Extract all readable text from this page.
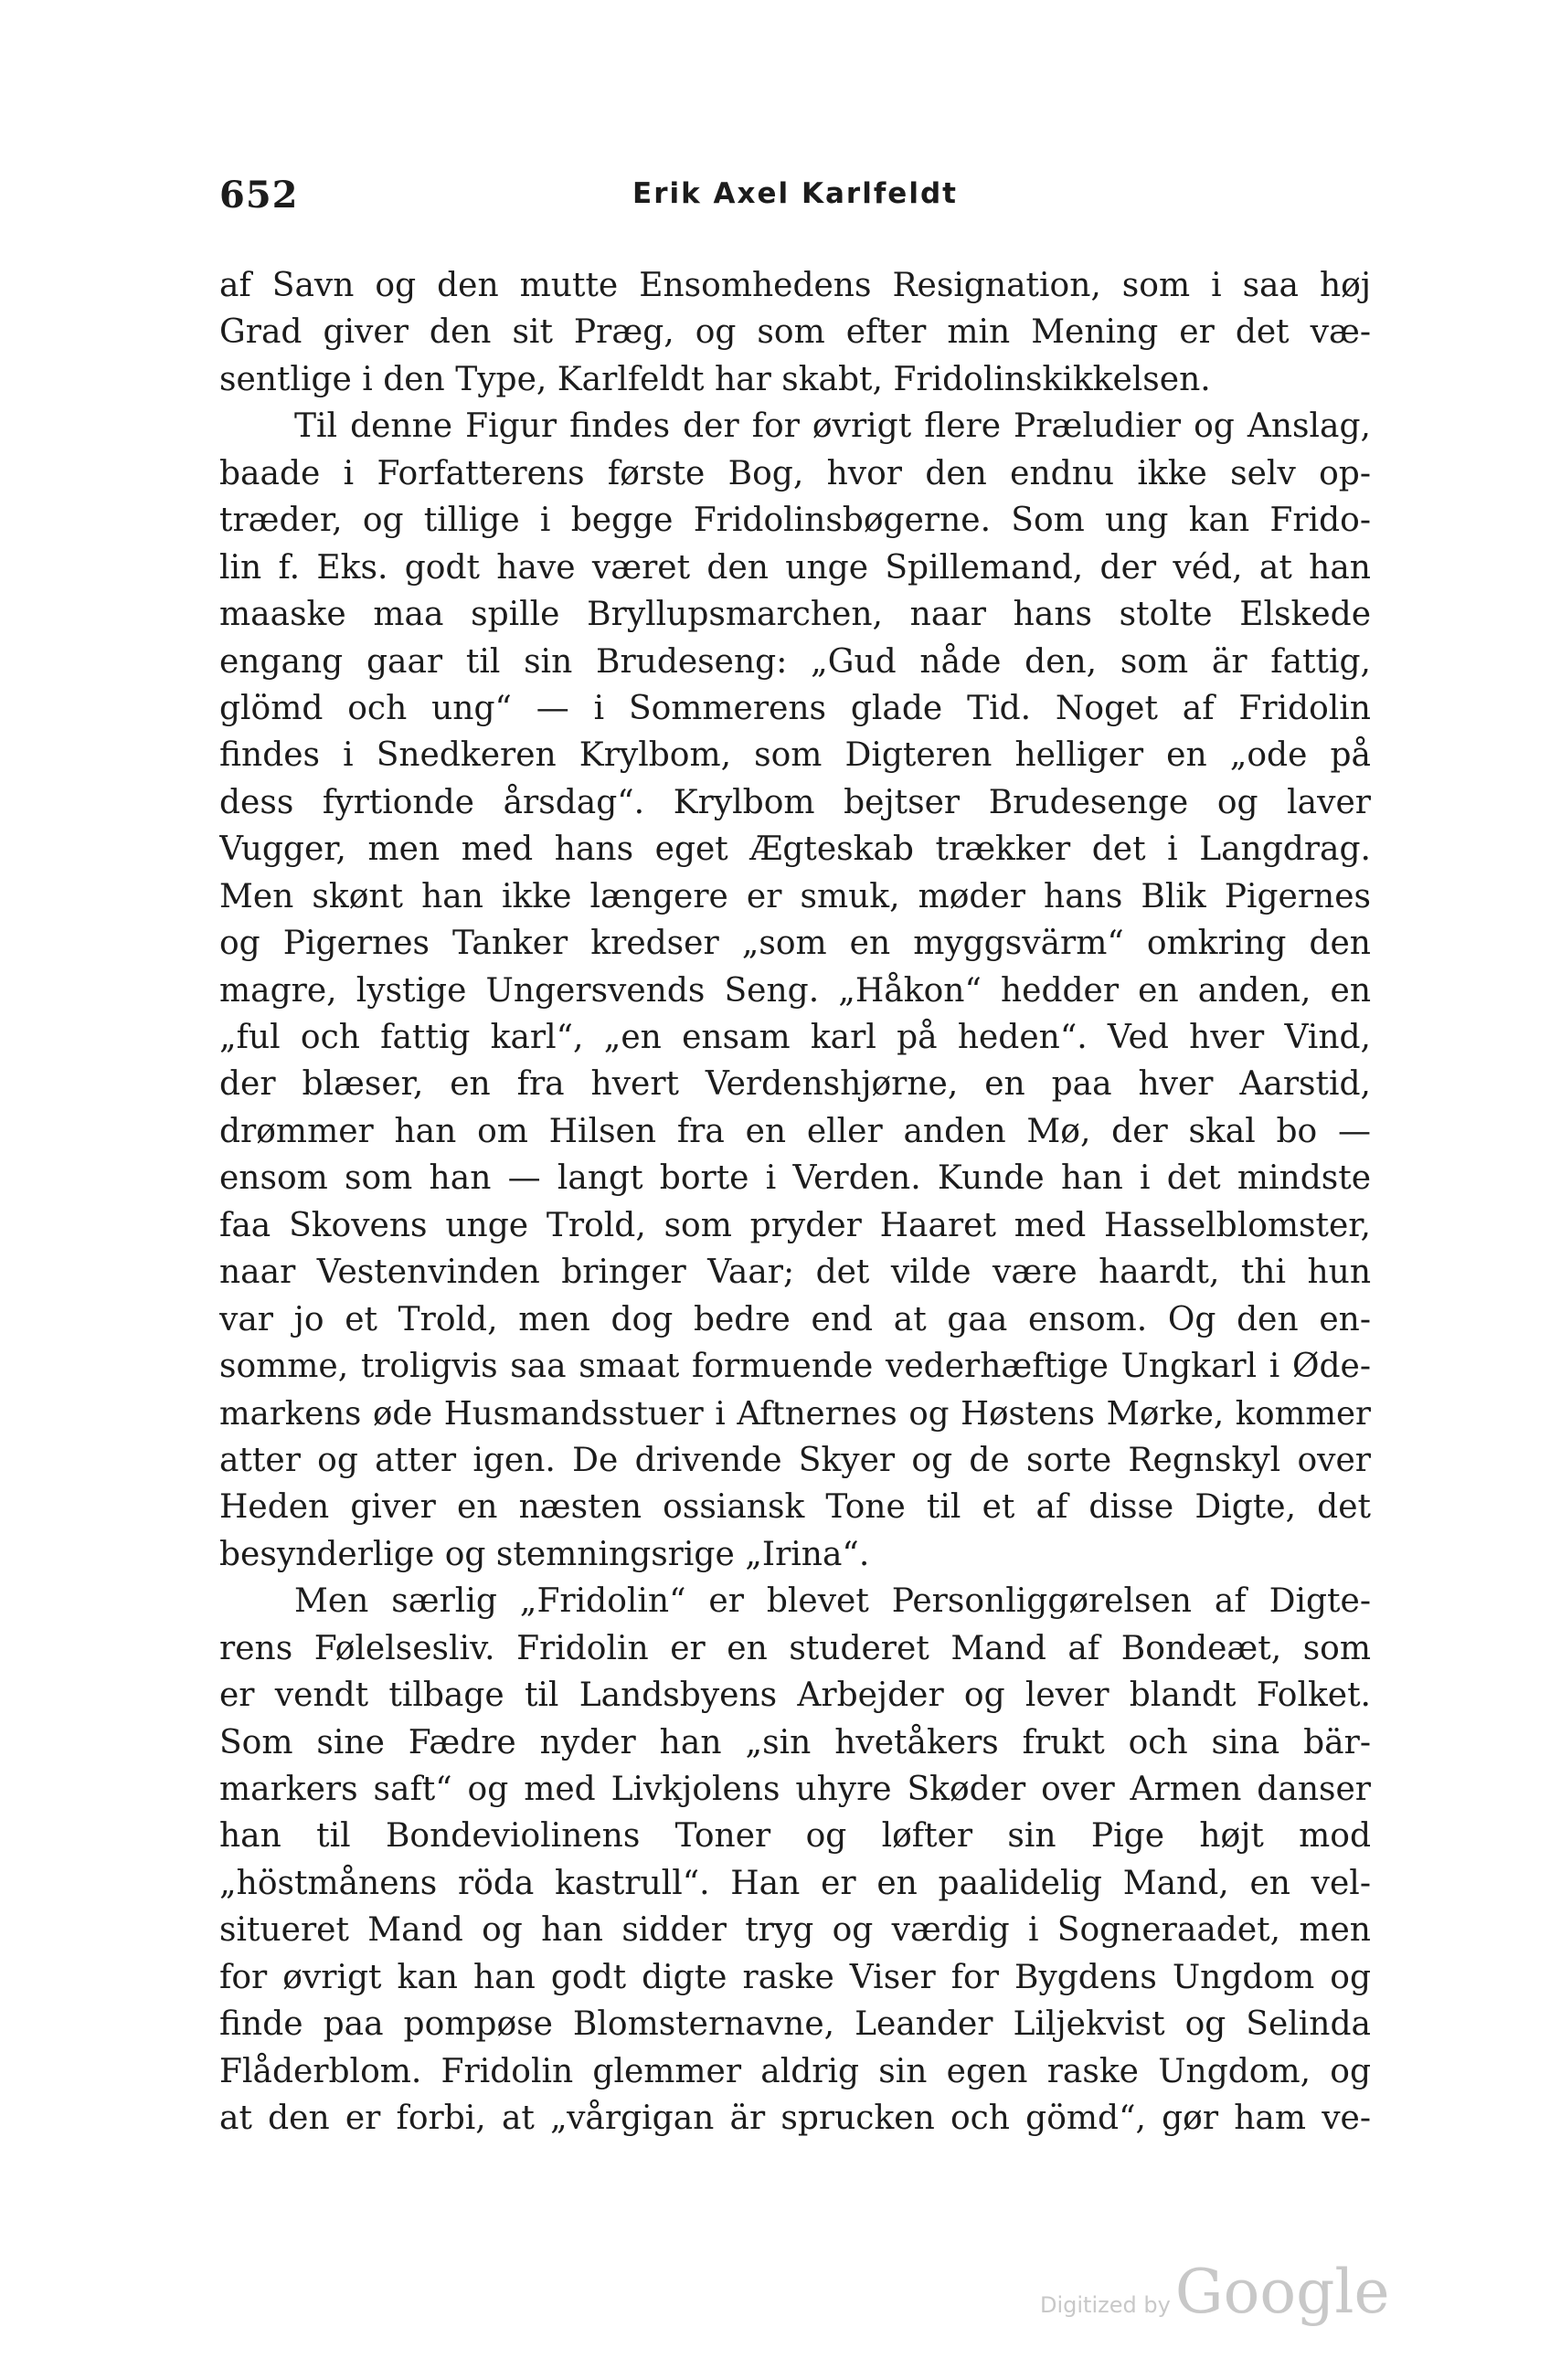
652	Erik Axel Karlfeldt
af Savn og den mutte Ensomhedens Resignation, som i saa høj
Grad giver den sit Præg, og som efter min Mening er det væ-
sentlige i den Type, Karlfeldt har skabt, Fridolinskikkelsen.
Til denne Figur findes der for øvrigt flere Præludier og Anslag,
baade i Forfatterens første Bog, hvor den endnu ikke selv op-
træder, og tillige i begge Fridolinsbøgerne. Som ung kan Frido-
lin f. Eks. godt have været den unge Spillemand, der véd, at han
maaske maa spille Bryllupsmarchen, naar hans stolte Elskede
engang gaar til sin Brudeseng: „Gud nåde den, som är fattig,
glömd och ung“ — i Sommerens glade Tid. Noget af Fridolin
findes i Snedkeren Krylbom, som Digteren helliger en „ode på
dess fyrtionde årsdag“. Krylbom bejtser Brudesenge og laver
Vugger, men med hans eget Ægteskab trækker det i Langdrag.
Men skønt han ikke længere er smuk, møder hans Blik Pigernes
og Pigernes Tanker kredser „som en myggsvärm“ omkring den
magre, lystige Ungersvends Seng. „Håkon“ hedder en anden, en
„ful och fattig karl“, „en ensam karl på heden“. Ved hver Vind,
der blæser, en fra hvert Verdenshjørne, en paa hver Aarstid,
drømmer han om Hilsen fra en eller anden Mø, der skal bo —
ensom som han — langt borte i Verden. Kunde han i det mindste
faa Skovens unge Trold, som pryder Haaret med Hasselblomster,
naar Vestenvinden bringer Vaar; det vilde være haardt, thi hun
var jo et Trold, men dog bedre end at gaa ensom. Og den en-
somme, troligvis saa smaat formuende vederhæftige Ungkarl i Øde-
markens øde Husmandsstuer i Aftnernes og Høstens Mørke, kommer
atter og atter igen. De drivende Skyer og de sorte Regnskyl over
Heden giver en næsten ossiansk Tone til et af disse Digte, det
besynderlige og stemningsrige „Irina“.
Men særlig „Fridolin“ er blevet Personliggørelsen af Digte-
rens Følelsesliv. Fridolin er en studeret Mand af Bondeæt, som
er vendt tilbage til Landsbyens Arbejder og lever blandt Folket.
Som sine Fædre nyder han „sin hvetåkers frukt och sina bär-
markers saft“ og med Livkjolens uhyre Skøder over Armen danser
han til Bondeviolinens Toner og løfter sin Pige højt mod
„höstmånens röda kastrull“. Han er en paalidelig Mand, en vel-
situeret Mand og han sidder tryg og værdig i Sogneraadet, men
for øvrigt kan han godt digte raske Viser for Bygdens Ungdom og
finde paa pompøse Blomsternavne, Leander Liljekvist og Selinda
Flåderblom. Fridolin glemmer aldrig sin egen raske Ungdom, og
at den er forbi, at „vårgigan är sprucken och gömd“, gør ham ve-
Digitized by Google
